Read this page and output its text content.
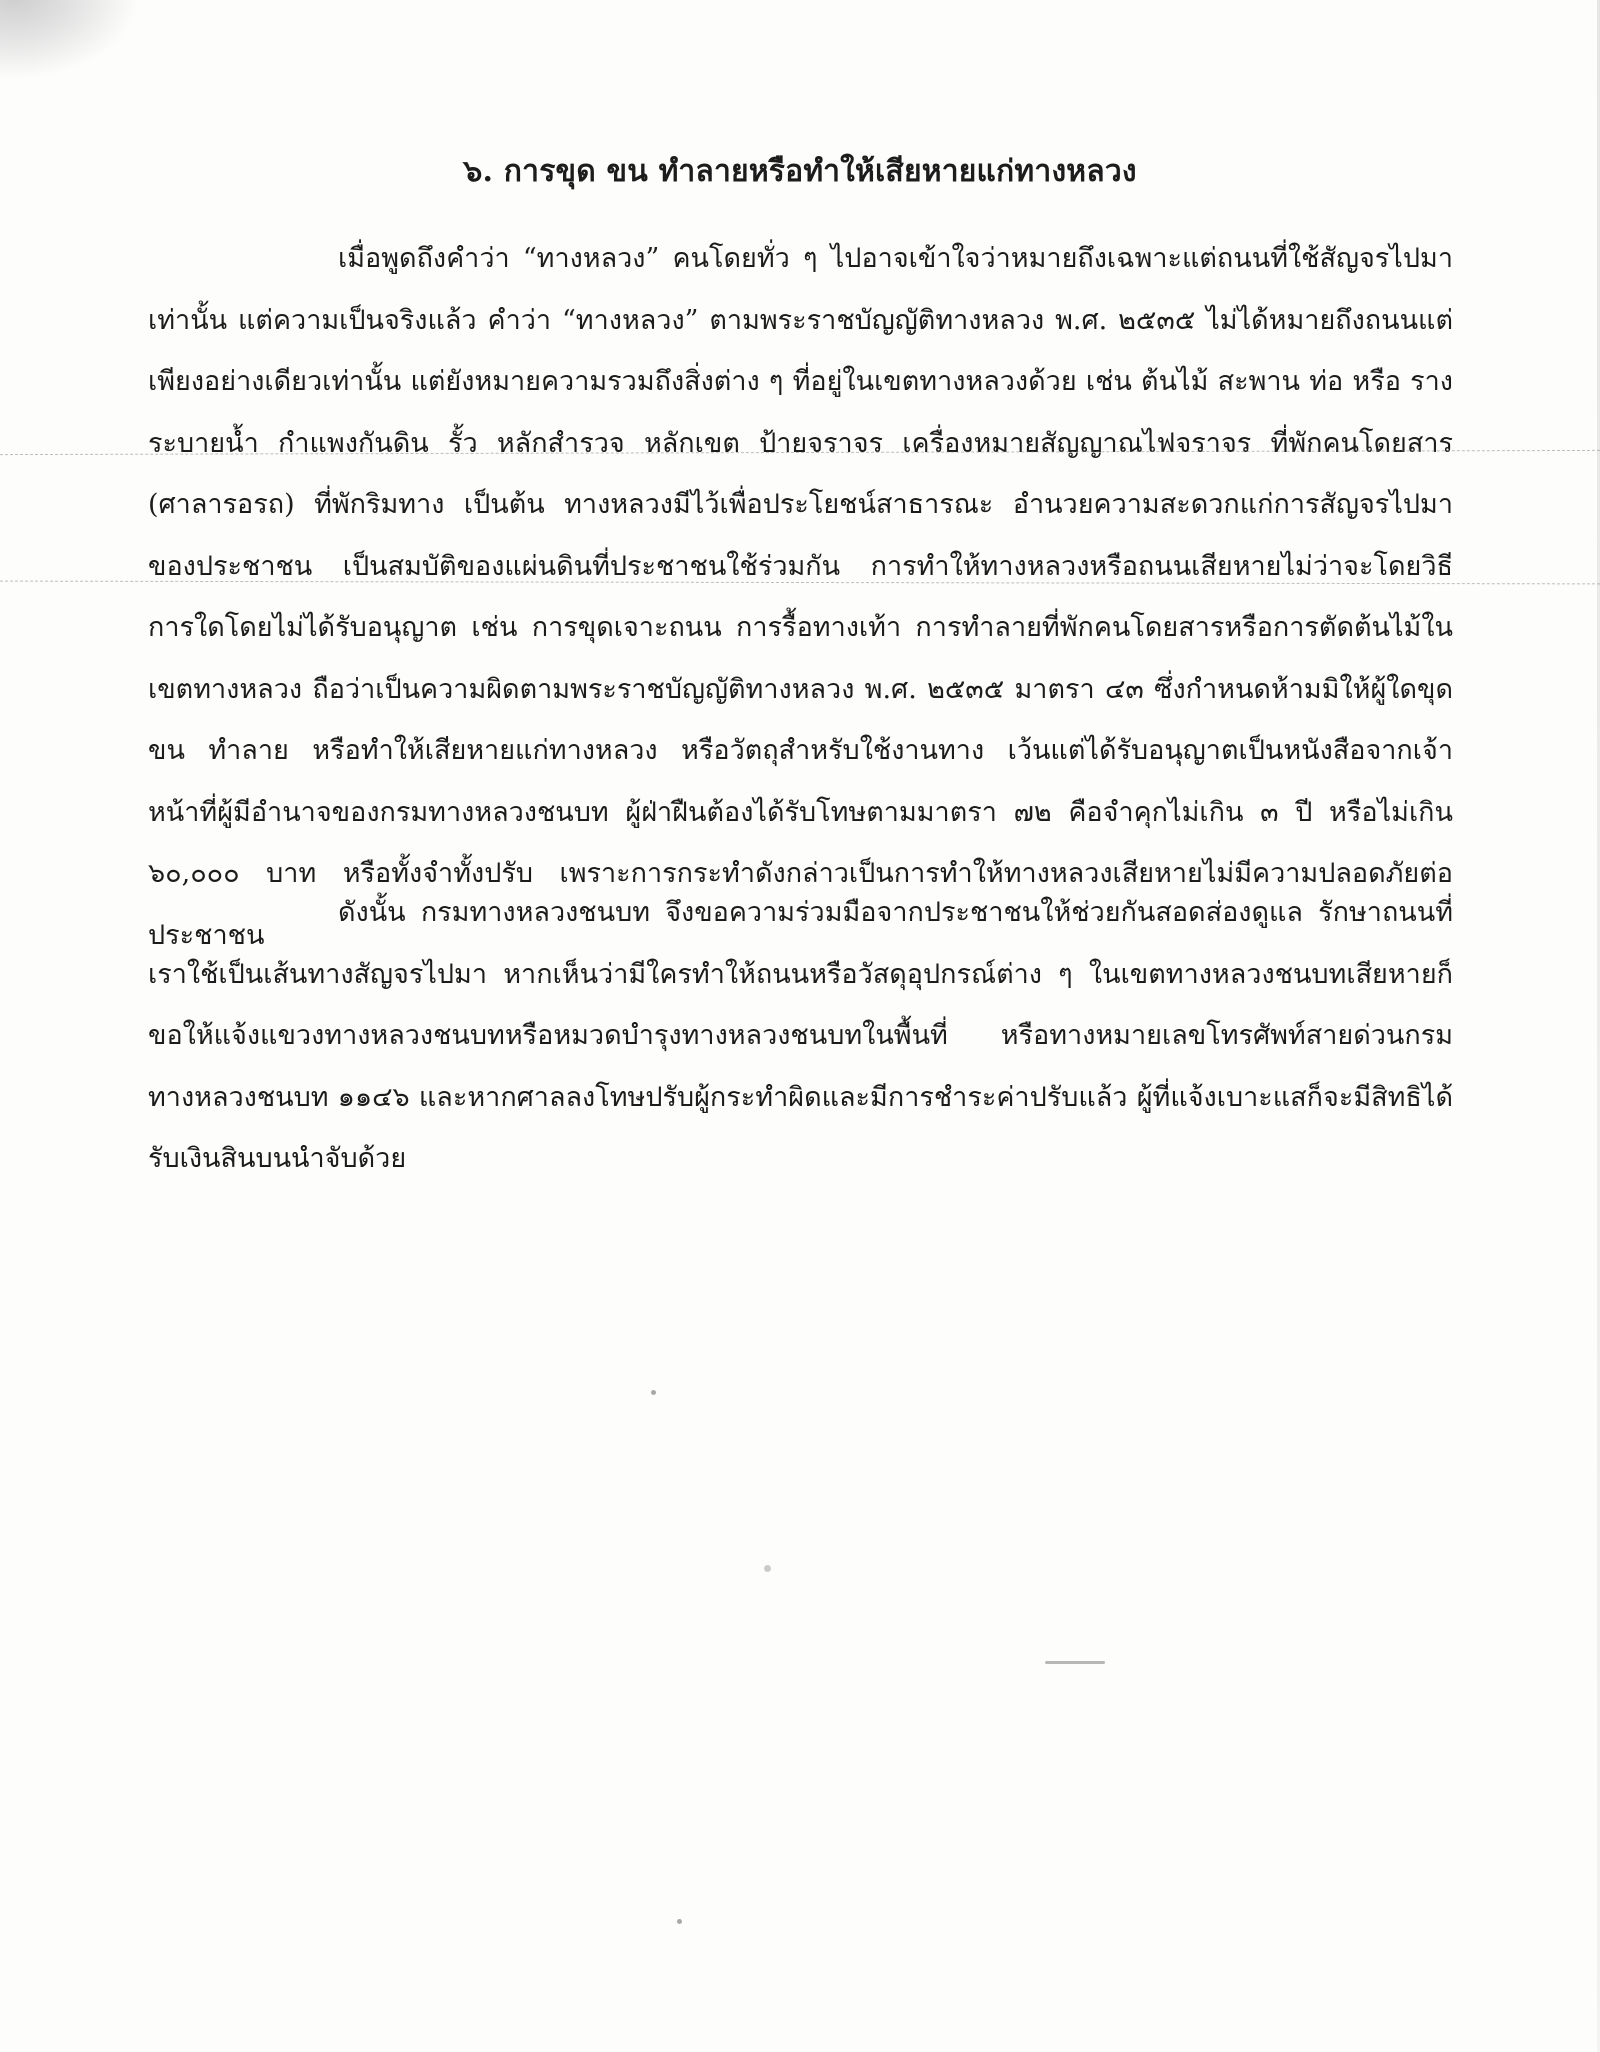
๖. การขุด ขน ทำลายหรือทำให้เสียหายแก่ทางหลวง

เมื่อพูดถึงคำว่า “ทางหลวง” คนโดยทั่ว ๆ ไปอาจเข้าใจว่าหมายถึงเฉพาะแต่ถนนที่ใช้สัญจรไปมาเท่านั้น แต่ความเป็นจริงแล้ว คำว่า “ทางหลวง” ตามพระราชบัญญัติทางหลวง พ.ศ. ๒๕๓๕ ไม่ได้หมายถึงถนนแต่เพียงอย่างเดียวเท่านั้น แต่ยังหมายความรวมถึงสิ่งต่าง ๆ ที่อยู่ในเขตทางหลวงด้วย เช่น ต้นไม้ สะพาน ท่อ หรือ รางระบายน้ำ กำแพงกันดิน รั้ว หลักสำรวจ หลักเขต ป้ายจราจร เครื่องหมายสัญญาณไฟจราจร ที่พักคนโดยสาร (ศาลารอรถ) ที่พักริมทาง เป็นต้น ทางหลวงมีไว้เพื่อประโยชน์สาธารณะ อำนวยความสะดวกแก่การสัญจรไปมาของประชาชน เป็นสมบัติของแผ่นดินที่ประชาชนใช้ร่วมกัน การทำให้ทางหลวงหรือถนนเสียหายไม่ว่าจะโดยวิธีการใดโดยไม่ได้รับอนุญาต เช่น การขุดเจาะถนน การรื้อทางเท้า การทำลายที่พักคนโดยสารหรือการตัดต้นไม้ในเขตทางหลวง ถือว่าเป็นความผิดตามพระราชบัญญัติทางหลวง พ.ศ. ๒๕๓๕ มาตรา ๔๓ ซึ่งกำหนดห้ามมิให้ผู้ใดขุด ขน ทำลาย หรือทำให้เสียหายแก่ทางหลวง หรือวัตถุสำหรับใช้งานทาง เว้นแต่ได้รับอนุญาตเป็นหนังสือจากเจ้าหน้าที่ผู้มีอำนาจของกรมทางหลวงชนบท ผู้ฝ่าฝืนต้องได้รับโทษตามมาตรา ๗๒ คือจำคุกไม่เกิน ๓ ปี หรือไม่เกิน ๖๐,๐๐๐ บาท หรือทั้งจำทั้งปรับ เพราะการกระทำดังกล่าวเป็นการทำให้ทางหลวงเสียหายไม่มีความปลอดภัยต่อประชาชน

ดังนั้น กรมทางหลวงชนบท จึงขอความร่วมมือจากประชาชนให้ช่วยกันสอดส่องดูแล รักษาถนนที่เราใช้เป็นเส้นทางสัญจรไปมา หากเห็นว่ามีใครทำให้ถนนหรือวัสดุอุปกรณ์ต่าง ๆ ในเขตทางหลวงชนบทเสียหายก็ขอให้แจ้งแขวงทางหลวงชนบทหรือหมวดบำรุงทางหลวงชนบทในพื้นที่ หรือทางหมายเลขโทรศัพท์สายด่วนกรมทางหลวงชนบท ๑๑๔๖ และหากศาลลงโทษปรับผู้กระทำผิดและมีการชำระค่าปรับแล้ว ผู้ที่แจ้งเบาะแสก็จะมีสิทธิได้รับเงินสินบนนำจับด้วย
